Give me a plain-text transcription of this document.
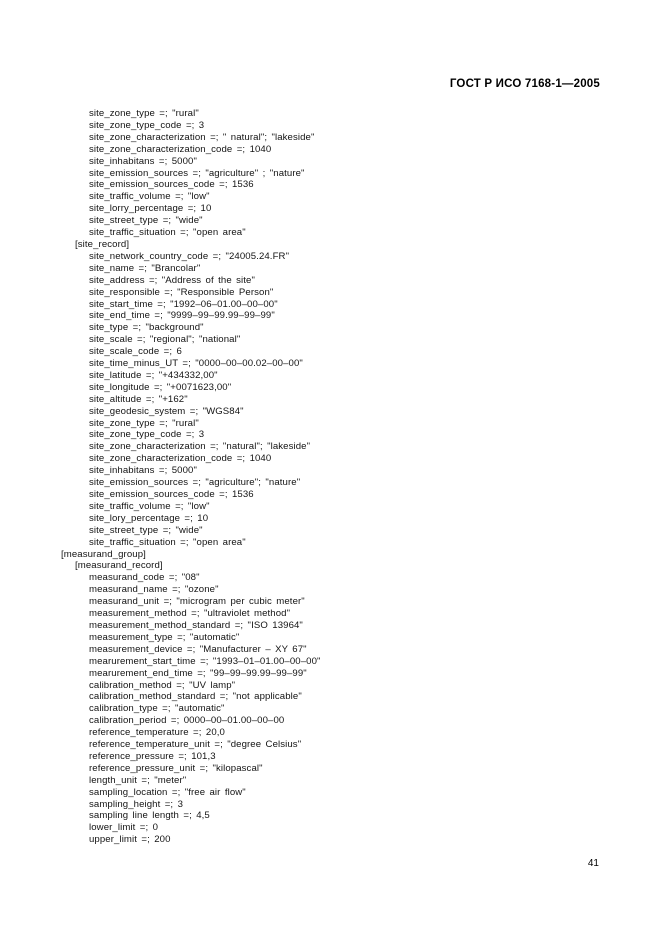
ГОСТ Р ИСО 7168-1—2005
site_zone_type =; "rural"
site_zone_type_code =; 3
site_zone_characterization =; " natural"; "lakeside"
site_zone_characterization_code =; 1040
site_inhabitans =; 5000"
site_emission_sources =; "agriculture" ; "nature"
site_emission_sources_code =; 1536
site_traffic_volume =; "low"
site_lorry_percentage =; 10
site_street_type =; "wide"
site_traffic_situation =; "open area"
[site_record]
site_network_country_code =; "24005.24.FR"
site_name =; "Brancolar"
site_address =; "Address of the site"
site_responsible =; "Responsible Person"
site_start_time =; "1992–06–01.00–00–00"
site_end_time =; "9999–99–99.99–99–99"
site_type =; "background"
site_scale =; "regional"; "national"
site_scale_code =; 6
site_time_minus_UT =; "0000–00–00.02–00–00"
site_latitude =; "+434332,00"
site_longitude =; "+0071623,00"
site_altitude =; "+162"
site_geodesic_system =; "WGS84"
site_zone_type =; "rural"
site_zone_type_code =; 3
site_zone_characterization =; "natural"; "lakeside"
site_zone_characterization_code =; 1040
site_inhabitans =; 5000"
site_emission_sources =; "agriculture"; "nature"
site_emission_sources_code =; 1536
site_traffic_volume =; "low"
site_lory_percentage =; 10
site_street_type =; "wide"
site_traffic_situation =; "open area"
[measurand_group]
[measurand_record]
measurand_code =; "08"
measurand_name =; "ozone"
measurand_unit =; "microgram per cubic meter"
measurement_method =; "ultraviolet method"
measurement_method_standard =; "ISO 13964"
measurement_type =; "automatic"
measurement_device =; "Manufacturer – XY 67"
mearurement_start_time =; "1993–01–01.00–00–00"
mearurement_end_time =; "99–99–99.99–99–99"
calibration_method =; "UV lamp"
calibration_method_standard =; "not applicable"
calibration_type =; "automatic"
calibration_period =; 0000–00–01.00–00–00
reference_temperature =; 20,0
reference_temperature_unit =; "degree Celsius"
reference_pressure =; 101,3
reference_pressure_unit =; "kilopascal"
length_unit =; "meter"
sampling_location =; "free air flow"
sampling_height =; 3
sampling line length =; 4,5
lower_limit =; 0
upper_limit =; 200
41
